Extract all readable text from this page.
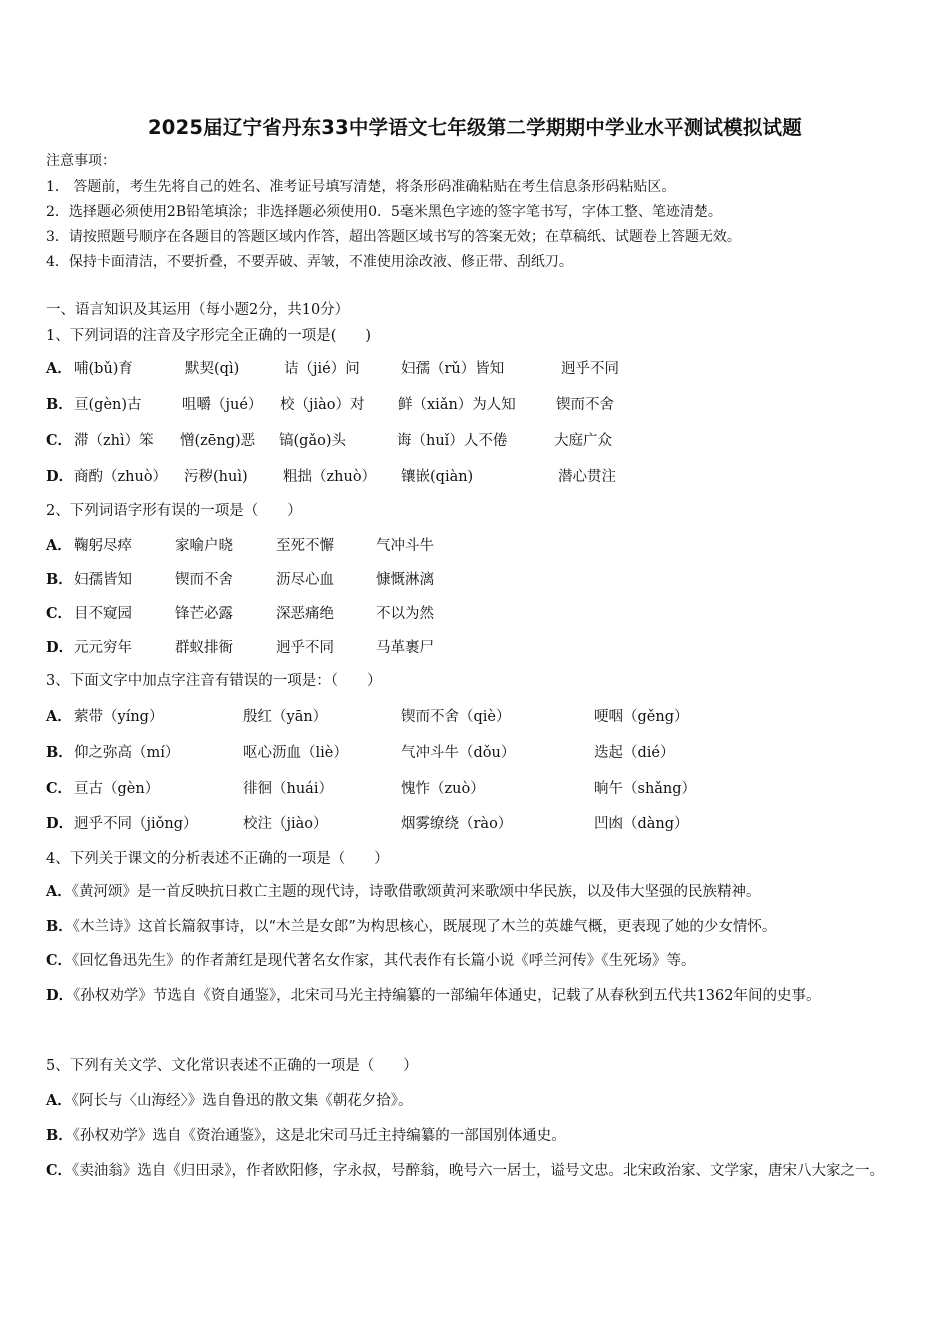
2025届辽宁省丹东33中学语文七年级第二学期期中学业水平测试模拟试题
注意事项：
1． 答题前，考生先将自己的姓名、准考证号填写清楚，将条形码准确粘贴在考生信息条形码粘贴区。
2．选择题必须使用2B铅笔填涂；非选择题必须使用0．5毫米黑色字迹的签字笔书写，字体工整、笔迹清楚。
3．请按照题号顺序在各题目的答题区域内作答，超出答题区域书写的答案无效；在草稿纸、试题卷上答题无效。
4．保持卡面清洁，不要折叠，不要弄破、弄皱，不准使用涂改液、修正带、刮纸刀。
一、语言知识及其运用（每小题2分，共10分）
1、下列词语的注音及字形完全正确的一项是(　　)
A． 哺(bǔ)育	默契(qì)	诘（jié）问	妇孺（rǔ）皆知	迥乎不同
B． 亘(gèn)古	咀嚼（jué） 校（jiào）对 鲜（xiǎn）为人知	锲而不舍
C． 滞（zhì）笨 憎(zēng)恶 镐(gǎo)头	诲（huǐ）人不倦	大庭广众
D． 商酌（zhuò） 污秽(huì) 粗拙（zhuò） 镶嵌(qiàn)	潜心贯注
2、下列词语字形有误的一项是（　　）
A． 鞠躬尽瘁	家喻户晓	至死不懈	气冲斗牛
B． 妇孺皆知	锲而不舍	沥尽心血	慷慨淋漓
C． 目不窥园	锋芒必露	深恶痛绝	不以为然
D． 元元穷年	群蚁排衙	迥乎不同	马革裹尸
3、下面文字中加点字注音有错误的一项是：（　　）
A． 萦带（yíng）	殷红（yān）	锲而不舍（qiè）	哽咽（gěng）
B． 仰之弥高（mí）	呕心沥血（liè）	气冲斗牛（dǒu）	迭起（dié）
C． 亘古（gèn）	徘徊（huái）	愧怍（zuò）	晌午（shǎng）
D． 迥乎不同（jiǒng）	校注（jiào）	烟雾缭绕（rào）	凹凼（dàng）
4、下列关于课文的分析表述不正确的一项是（　　）
A．《黄河颂》是一首反映抗日救亡主题的现代诗，诗歌借歌颂黄河来歌颂中华民族，以及伟大坚强的民族精神。
B．《木兰诗》这首长篇叙事诗，以“木兰是女郎”为构思核心，既展现了木兰的英雄气概，更表现了她的少女情怀。
C．《回忆鲁迅先生》的作者萧红是现代著名女作家，其代表作有长篇小说《呼兰河传》《生死场》等。
D．《孙权劝学》节选自《资自通鉴》，北宋司马光主持编纂的一部编年体通史，记载了从春秋到五代共1362年间的史事。
5、下列有关文学、文化常识表述不正确的一项是（　　）
A．《阿长与〈山海经〉》选自鲁迅的散文集《朝花夕拾》。
B．《孙权劝学》选自《资治通鉴》，这是北宋司马迁主持编纂的一部国别体通史。
C．《卖油翁》选自《归田录》，作者欧阳修，字永叔，号醉翁，晚号六一居士，谥号文忠。北宋政治家、文学家，唐宋八大家之一。
